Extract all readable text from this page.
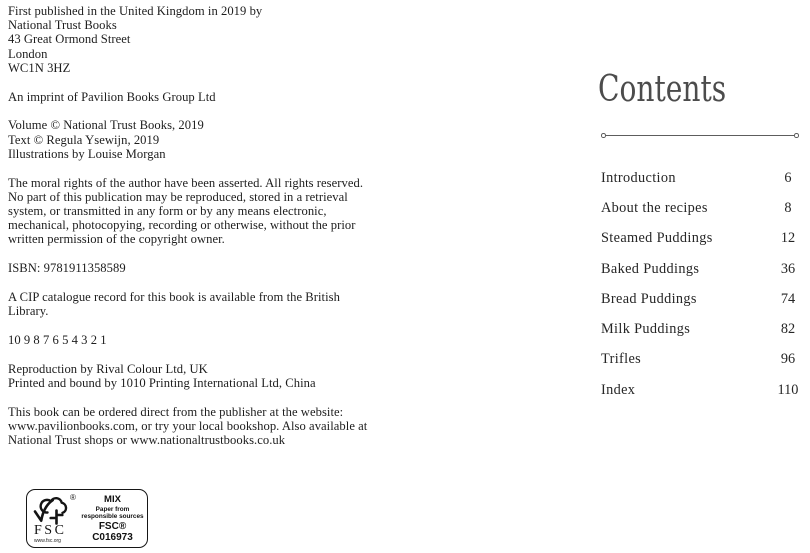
First published in the United Kingdom in 2019 by
National Trust Books
43 Great Ormond Street
London
WC1N 3HZ

An imprint of Pavilion Books Group Ltd

Volume © National Trust Books, 2019
Text © Regula Ysewijn, 2019
Illustrations by Louise Morgan

The moral rights of the author have been asserted. All rights reserved.
No part of this publication may be reproduced, stored in a retrieval
system, or transmitted in any form or by any means electronic,
mechanical, photocopying, recording or otherwise, without the prior
written permission of the copyright owner.

ISBN: 9781911358589

A CIP catalogue record for this book is available from the British
Library.

10 9 8 7 6 5 4 3 2 1

Reproduction by Rival Colour Ltd, UK
Printed and bound by 1010 Printing International Ltd, China

This book can be ordered direct from the publisher at the website:
www.pavilionbooks.com, or try your local bookshop. Also available at
National Trust shops or www.nationaltrustbooks.co.uk

®
FSC
www.fsc.org
MIX
Paper from
responsible sources
FSC® C016973
Contents
Introduction	6
About the recipes	8
Steamed Puddings	12
Baked Puddings	36
Bread Puddings	74
Milk Puddings	82
Trifles	96
Index	110
